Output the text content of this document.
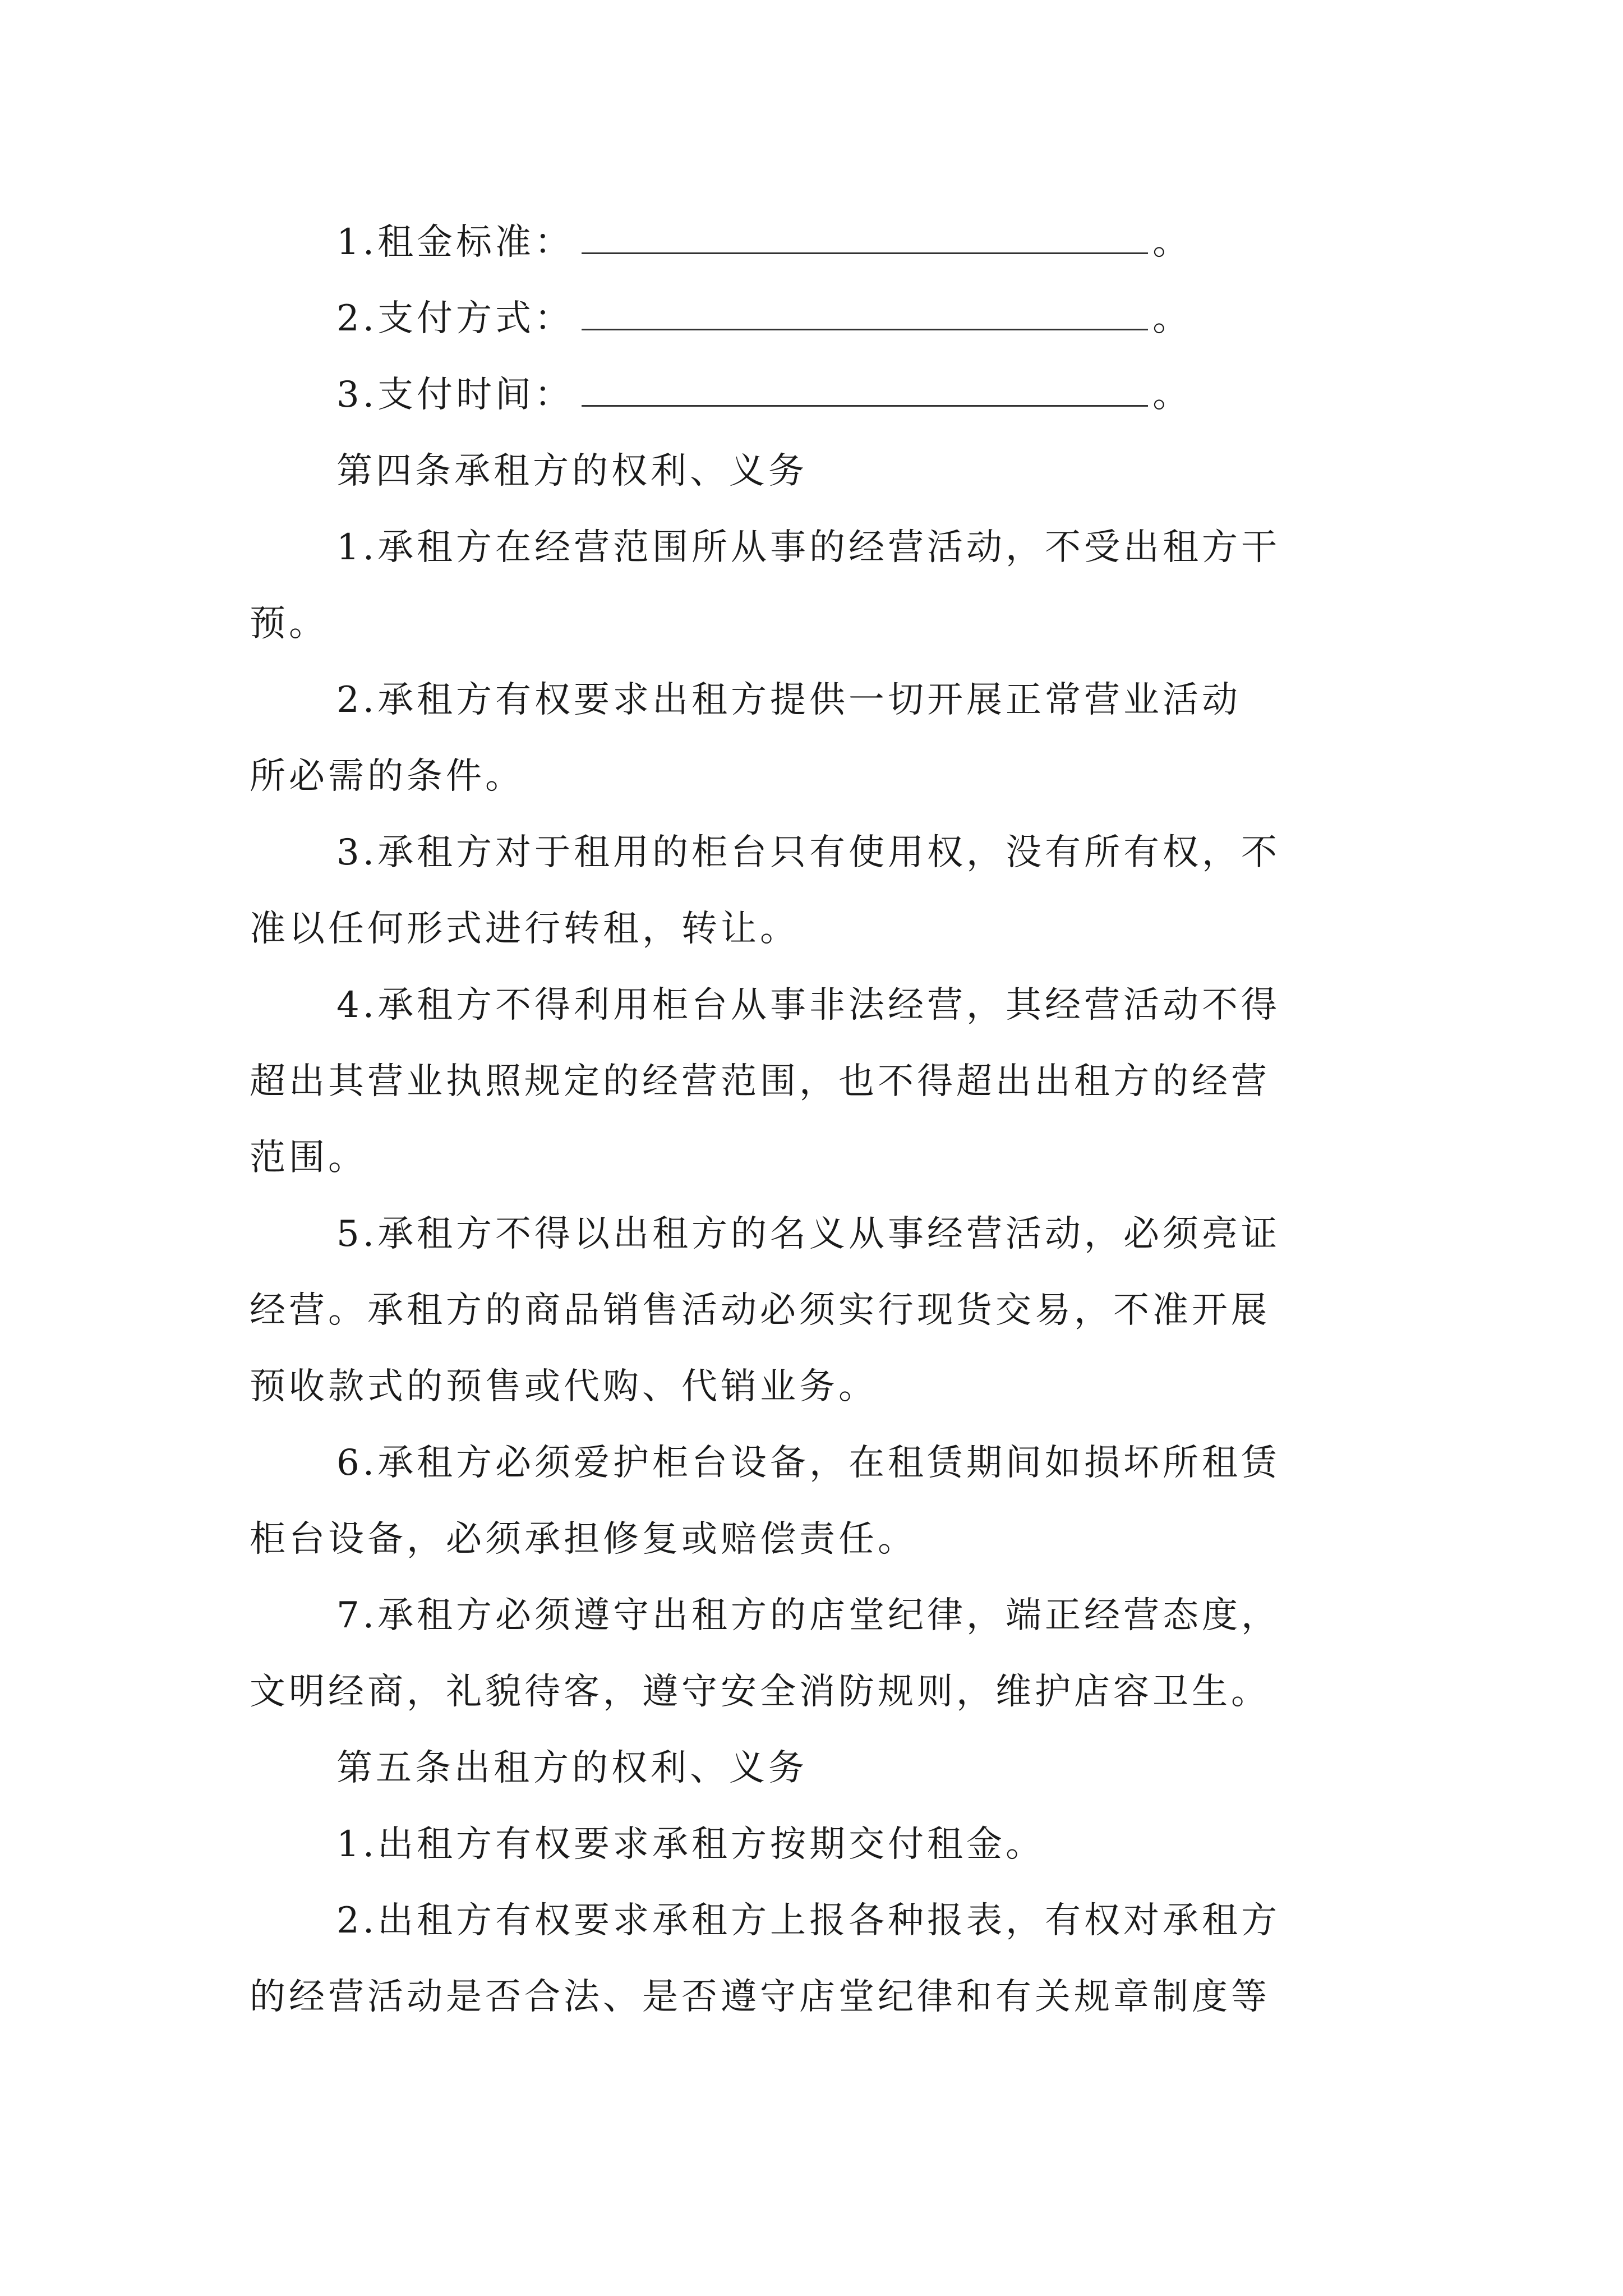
1.租金标准：	。
2.支付方式：	。
3.支付时间：	。
第四条承租方的权利、义务
1.承租方在经营范围所从事的经营活动，不受出租方干
预。
2.承租方有权要求出租方提供一切开展正常营业活动
所必需的条件。
3.承租方对于租用的柜台只有使用权，没有所有权，不
准以任何形式进行转租，转让。
4.承租方不得利用柜台从事非法经营，其经营活动不得
超出其营业执照规定的经营范围，也不得超出出租方的经营
范围。
5.承租方不得以出租方的名义从事经营活动，必须亮证
经营。承租方的商品销售活动必须实行现货交易，不准开展
预收款式的预售或代购、代销业务。
6.承租方必须爱护柜台设备，在租赁期间如损坏所租赁
柜台设备，必须承担修复或赔偿责任。
7.承租方必须遵守出租方的店堂纪律，端正经营态度，
文明经商，礼貌待客，遵守安全消防规则，维护店容卫生。
第五条出租方的权利、义务
1.出租方有权要求承租方按期交付租金。
2.出租方有权要求承租方上报各种报表，有权对承租方
的经营活动是否合法、是否遵守店堂纪律和有关规章制度等
